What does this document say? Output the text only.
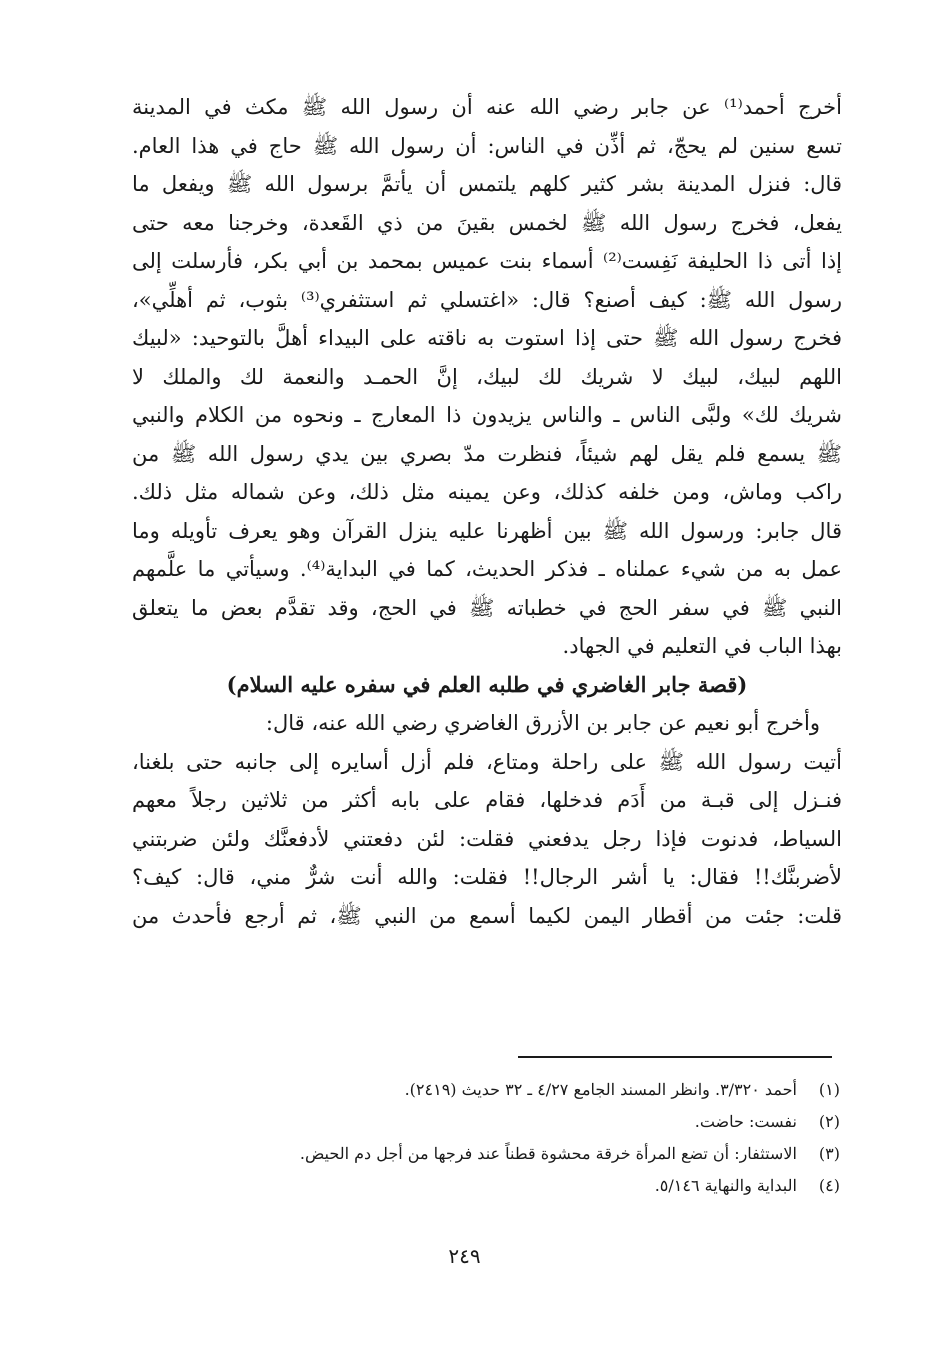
أخرج أحمد⁽¹⁾ عن جابر رضي الله عنه أن رسول الله ﷺ مكث في المدينة
تسع سنين لم يحجّ، ثم أذِّن في الناس: أن رسول الله ﷺ حاج في هذا العام.
قال: فنزل المدينة بشر كثير كلهم يلتمس أن يأتمَّ برسول الله ﷺ ويفعل ما
يفعل، فخرج رسول الله ﷺ لخمس بقينَ من ذي القَعدة، وخرجنا معه حتى
إذا أتى ذا الحليفة نَفِست⁽²⁾ أسماء بنت عميس بمحمد بن أبي بكر، فأرسلت إلى
رسول الله ﷺ: كيف أصنع؟ قال: «اغتسلي ثم استثفري⁽³⁾ بثوب، ثم أهلِّي»،
فخرج رسول الله ﷺ حتى إذا استوت به ناقته على البيداء أهلَّ بالتوحيد: «لبيك
اللهم لبيك، لبيك لا شريك لك لبيك، إنَّ الحمـد والنعمة لك والملك لا
شريك لك» ولبَّى الناس ـ والناس يزيدون ذا المعارج ـ ونحوه من الكلام والنبي
ﷺ يسمع فلم يقل لهم شيئاً، فنظرت مدّ بصري بين يدي رسول الله ﷺ من
راكب وماش، ومن خلفه كذلك، وعن يمينه مثل ذلك، وعن شماله مثل ذلك.
قال جابر: ورسول الله ﷺ بين أظهرنا عليه ينزل القرآن وهو يعرف تأويله وما
عمل به من شيء عملناه ـ فذكر الحديث، كما في البداية⁽⁴⁾. وسيأتي ما علَّمهم
النبي ﷺ في سفر الحج في خطباته ﷺ في الحج، وقد تقدَّم بعض ما يتعلق
بهذا الباب في التعليم في الجهاد.
(قصة جابر الغاضري في طلبه العلم في سفره عليه السلام)
وأخرج أبو نعيم عن جابر بن الأزرق الغاضري رضي الله عنه، قال:
أتيت رسول الله ﷺ على راحلة ومتاع، فلم أزل أسايره إلى جانبه حتى بلغنا،
فنـزل إلى قبـة من أَدَم فدخلها، فقام على بابه أكثر من ثلاثين رجلاً معهم
السياط، فدنوت فإذا رجل يدفعني فقلت: لئن دفعتني لأدفعنَّك ولئن ضربتني
لأضربنَّك!! فقال: يا أشر الرجال!! فقلت: والله أنت شرٌّ مني، قال: كيف؟
قلت: جئت من أقطار اليمن لكيما أسمع من النبي ﷺ، ثم أرجع فأحدث من
(١) أحمد ٣/٣٢٠. وانظر المسند الجامع ٤/٢٧ ـ ٣٢ حديث (٢٤١٩).
(٢) نفست: حاضت.
(٣) الاستثفار: أن تضع المرأة خرقة محشوة قطناً عند فرجها من أجل دم الحيض.
(٤) البداية والنهاية ٥/١٤٦.
٢٤٩
